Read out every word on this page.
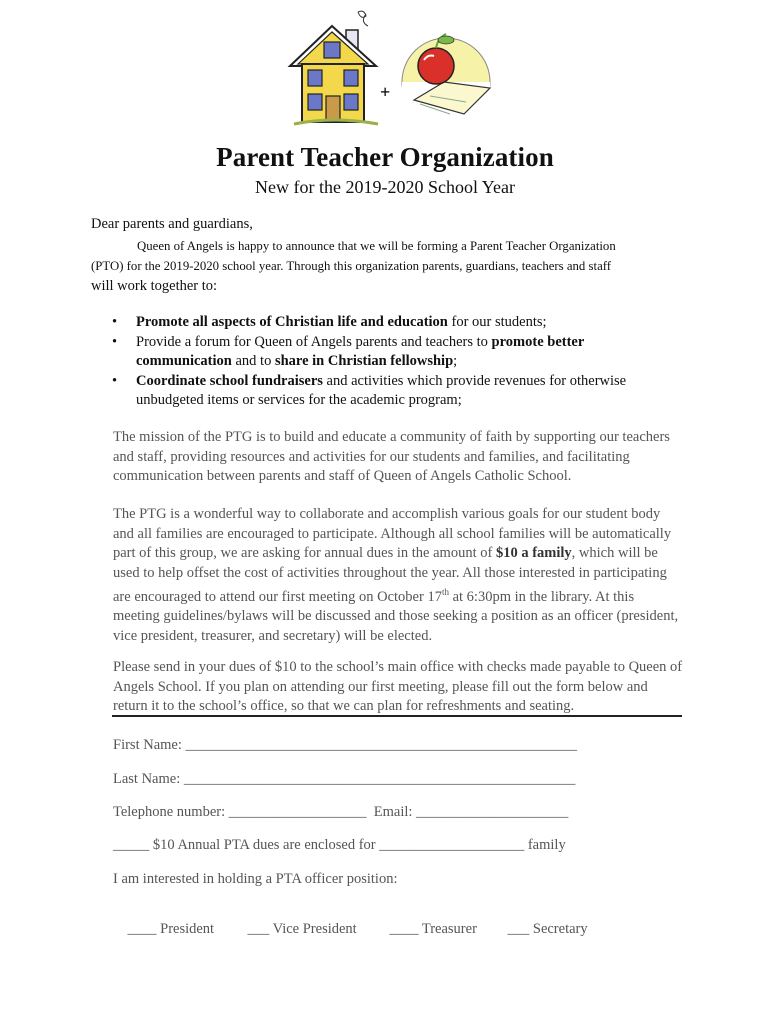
+
Parent Teacher Organization
New for the 2019-2020 School Year
Dear parents and guardians,
Queen of Angels is happy to announce that we will be forming a Parent Teacher Organization
(PTO) for the 2019-2020 school year. Through this organization parents, guardians, teachers and staff
will work together to:
• Promote all aspects of Christian life and education for our students;
• Provide a forum for Queen of Angels parents and teachers to promote better communication and to share in Christian fellowship;
• Coordinate school fundraisers and activities which provide revenues for otherwise unbudgeted items or services for the academic program;
The mission of the PTG is to build and educate a community of faith by supporting our teachers and staff, providing resources and activities for our students and families, and facilitating communication between parents and staff of Queen of Angels Catholic School.
The PTG is a wonderful way to collaborate and accomplish various goals for our student body and all families are encouraged to participate. Although all school families will be automatically part of this group, we are asking for annual dues in the amount of $10 a family, which will be used to help offset the cost of activities throughout the year. All those interested in participating are encouraged to attend our first meeting on October 17th at 6:30pm in the library. At this meeting guidelines/bylaws will be discussed and those seeking a position as an officer (president, vice president, treasurer, and secretary) will be elected.
Please send in your dues of $10 to the school’s main office with checks made payable to Queen of Angels School. If you plan on attending our first meeting, please fill out the form below and return it to the school’s office, so that we can plan for refreshments and seating.
First Name: ______________________________________________________
Last Name: ______________________________________________________
Telephone number: ___________________  Email: _____________________
_____ $10 Annual PTA dues are enclosed for ____________________ family
I am interested in holding a PTA officer position:

____ President ___ Vice President ____ Treasurer ___ Secretary
